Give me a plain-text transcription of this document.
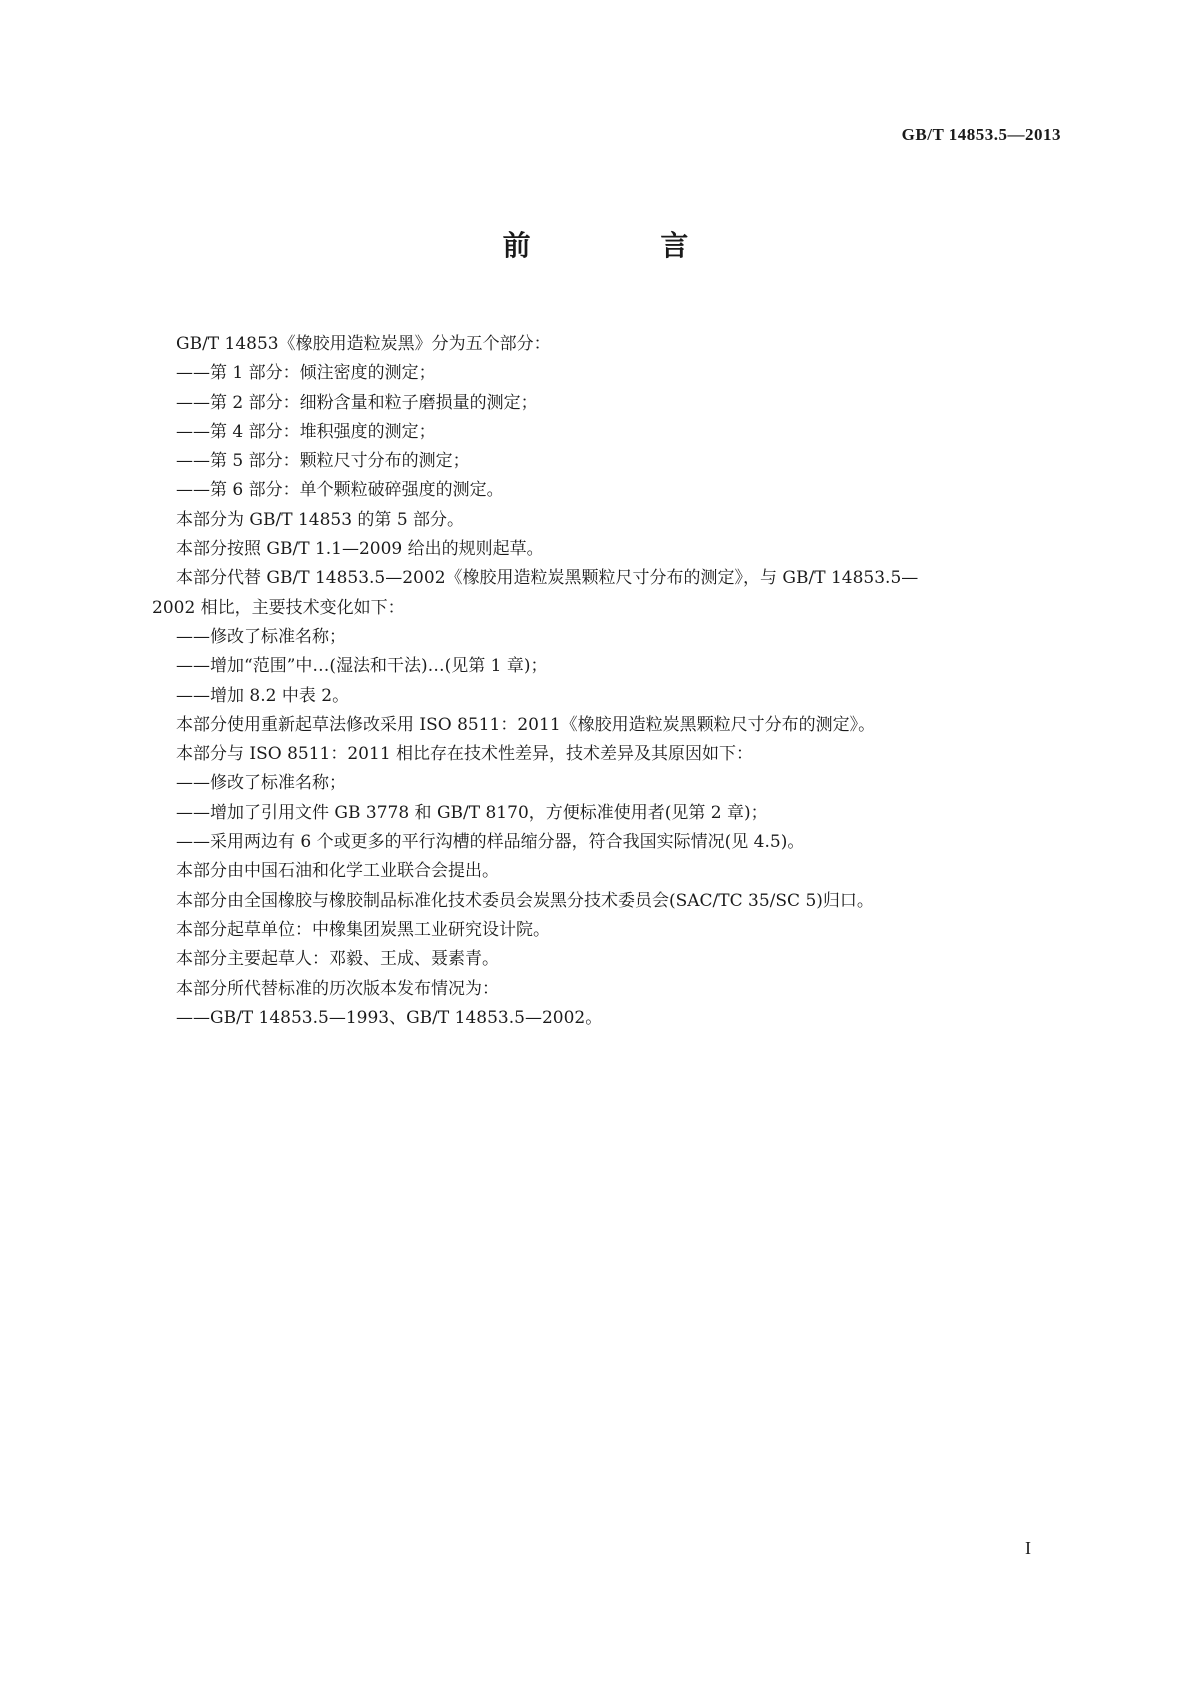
GB/T 14853.5—2013
前 言
GB/T 14853《橡胶用造粒炭黑》分为五个部分：
——第 1 部分：倾注密度的测定；
——第 2 部分：细粉含量和粒子磨损量的测定；
——第 4 部分：堆积强度的测定；
——第 5 部分：颗粒尺寸分布的测定；
——第 6 部分：单个颗粒破碎强度的测定。
本部分为 GB/T 14853 的第 5 部分。
本部分按照 GB/T 1.1—2009 给出的规则起草。
本部分代替 GB/T 14853.5—2002《橡胶用造粒炭黑颗粒尺寸分布的测定》，与 GB/T 14853.5—
2002 相比，主要技术变化如下：
——修改了标准名称；
——增加“范围”中…(湿法和干法)…(见第 1 章)；
——增加 8.2 中表 2。
本部分使用重新起草法修改采用 ISO 8511：2011《橡胶用造粒炭黑颗粒尺寸分布的测定》。
本部分与 ISO 8511：2011 相比存在技术性差异，技术差异及其原因如下：
——修改了标准名称；
——增加了引用文件 GB 3778 和 GB/T 8170，方便标准使用者(见第 2 章)；
——采用两边有 6 个或更多的平行沟槽的样品缩分器，符合我国实际情况(见 4.5)。
本部分由中国石油和化学工业联合会提出。
本部分由全国橡胶与橡胶制品标准化技术委员会炭黑分技术委员会(SAC/TC 35/SC 5)归口。
本部分起草单位：中橡集团炭黑工业研究设计院。
本部分主要起草人：邓毅、王成、聂素青。
本部分所代替标准的历次版本发布情况为：
——GB/T 14853.5—1993、GB/T 14853.5—2002。
I
